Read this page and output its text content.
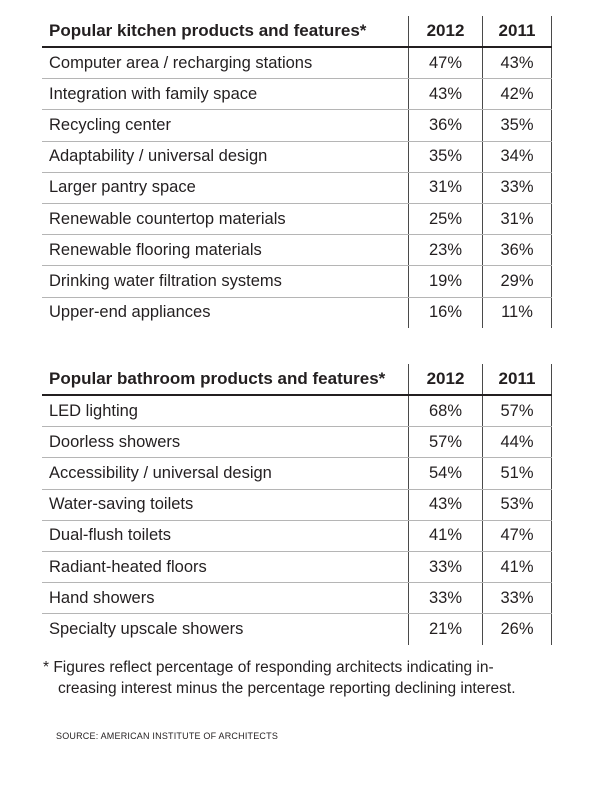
Popular kitchen products and features*	2012	2011
Computer area / recharging stations	47%	43%
Integration with family space	43%	42%
Recycling center	36%	35%
Adaptability / universal design	35%	34%
Larger pantry space	31%	33%
Renewable countertop materials	25%	31%
Renewable flooring materials	23%	36%
Drinking water filtration systems	19%	29%
Upper-end appliances	16%	11%
Popular bathroom products and features*	2012	2011
LED lighting	68%	57%
Doorless showers	57%	44%
Accessibility / universal design	54%	51%
Water-saving toilets	43%	53%
Dual-flush toilets	41%	47%
Radiant-heated floors	33%	41%
Hand showers	33%	33%
Specialty upscale showers	21%	26%
* Figures reflect percentage of responding architects indicating in-
creasing interest minus the percentage reporting declining interest.
SOURCE: AMERICAN INSTITUTE OF ARCHITECTS
